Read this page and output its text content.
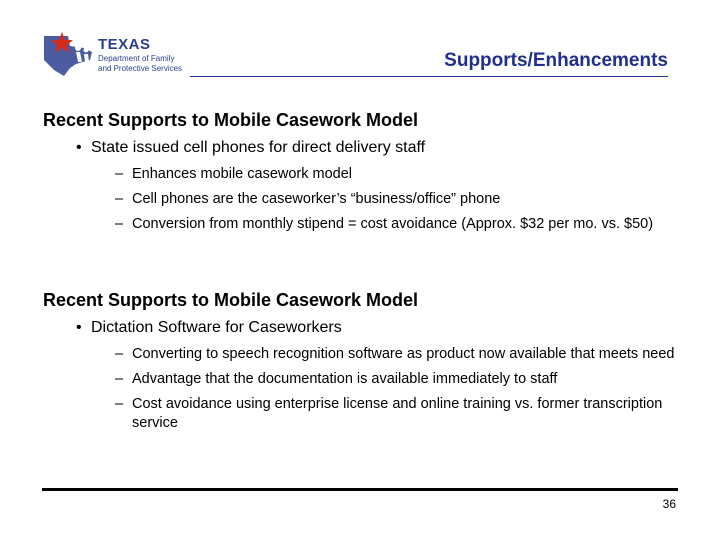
TEXAS
Department of Family
and Protective Services	Supports/Enhancements
Recent Supports to Mobile Casework Model
• State issued cell phones for direct delivery staff
– Enhances mobile casework model
– Cell phones are the caseworker’s “business/office” phone
– Conversion from monthly stipend = cost avoidance (Approx. $32 per mo. vs. $50)
Recent Supports to Mobile Casework Model
• Dictation Software for Caseworkers
– Converting to speech recognition software as product now available that meets need
– Advantage that the documentation is available immediately to staff
– Cost avoidance using enterprise license and online training vs. former transcription service
36
